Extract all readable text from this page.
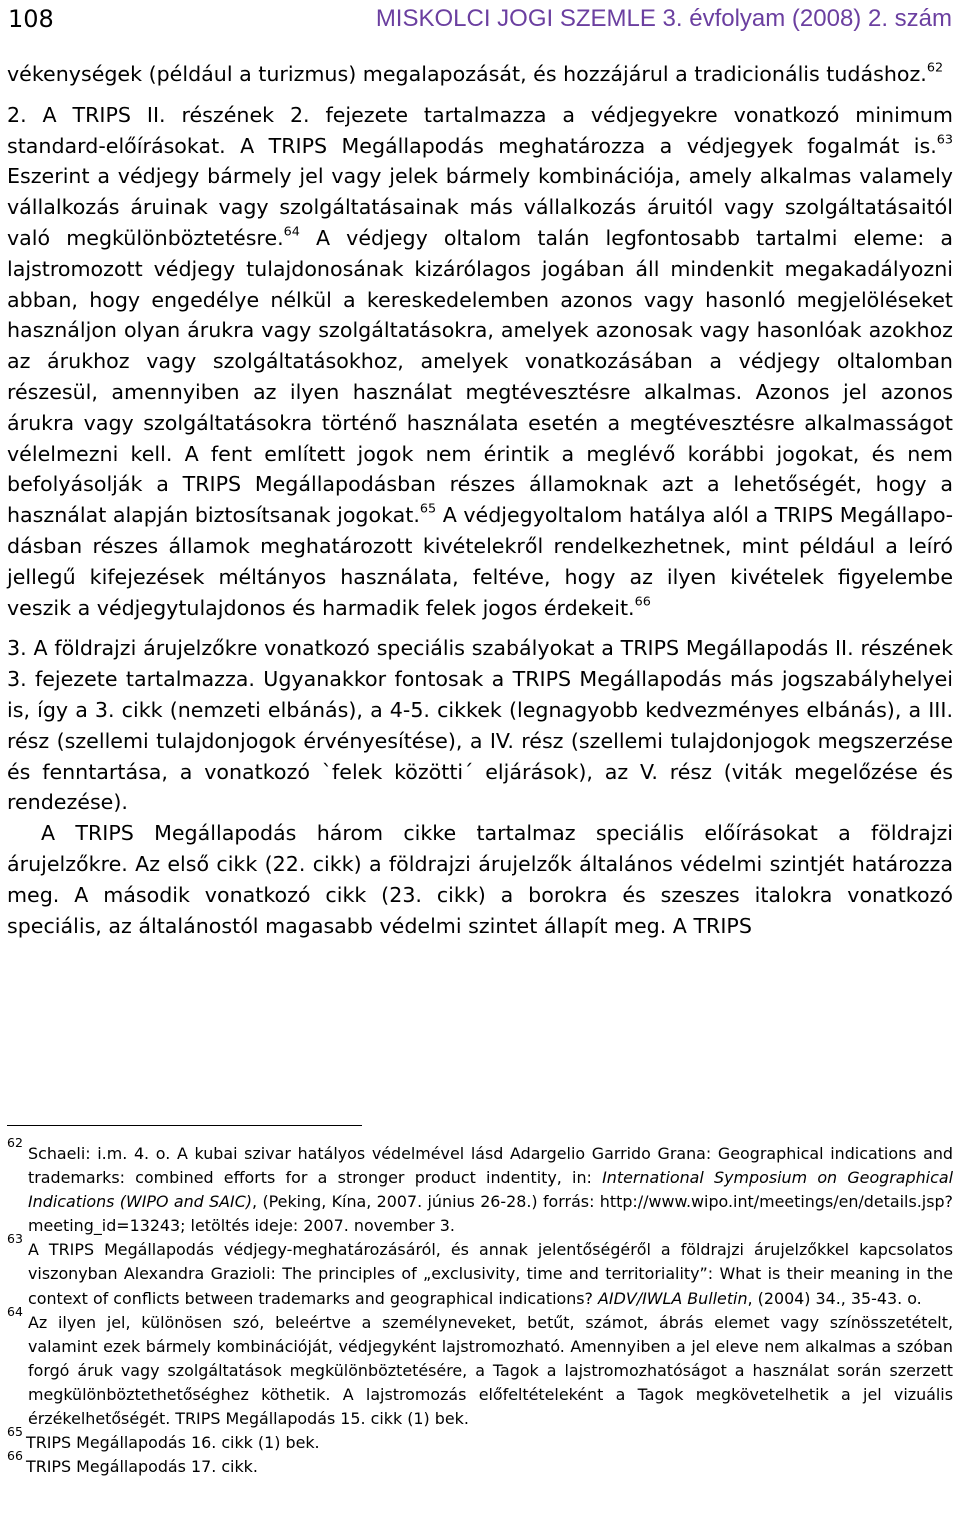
108	MISKOLCI JOGI SZEMLE 3. évfolyam (2008) 2. szám

vékenységek (például a turizmus) megalapozását, és hozzájárul a tradicionális tudáshoz.$^{62}$

2. A TRIPS II. részének 2. fejezete tartalmazza a védjegyekre vonatkozó minimum standard-előírásokat. A TRIPS Megállapodás meghatározza a védjegyek fogalmát is.$^{63}$ Eszerint a védjegy bármely jel vagy jelek bármely kombinációja, amely alkalmas valamely vállalkozás áruinak vagy szolgáltatásainak más vállalkozás áruitól vagy szolgáltatásaitól való megkülönböztetésre.$^{64}$ A védjegy oltalom talán legfontosabb tartalmi eleme: a lajstromozott védjegy tulajdonosának kizárólagos jogában áll mindenkit megakadályozni abban, hogy engedélye nélkül a kereskedelemben azonos vagy hasonló megjelöléseket használjon olyan árukra vagy szolgáltatásokra, amelyek azonosak vagy hasonlóak azokhoz az árukhoz vagy szolgáltatásokhoz, amelyek vonatkozásában a védjegy oltalomban részesül, amennyiben az ilyen használat megtévesztésre alkalmas. Azonos jel azonos árukra vagy szolgáltatásokra történő használata esetén a megtévesztésre alkalmasságot vélelmezni kell. A fent említett jogok nem érintik a meglévő korábbi jogokat, és nem befolyásolják a TRIPS Megállapodásban részes államoknak azt a lehetőségét, hogy a használat alapján biztosítsanak jogokat.$^{65}$ A védjegyoltalom hatálya alól a TRIPS Megállapodásban részes államok meghatározott kivételekről rendelkezhetnek, mint például a leíró jellegű kifejezések méltányos használata, feltéve, hogy az ilyen kivételek figyelembe veszik a védjegytulajdonos és harmadik felek jogos érdekeit.$^{66}$

3. A földrajzi árujelzőkre vonatkozó speciális szabályokat a TRIPS Megállapodás II. részének 3. fejezete tartalmazza. Ugyanakkor fontosak a TRIPS Megállapodás más jogszabályhelyei is, így a 3. cikk (nemzeti elbánás), a 4-5. cikkek (legnagyobb kedvezményes elbánás), a III. rész (szellemi tulajdonjogok érvényesítése), a IV. rész (szellemi tulajdonjogok megszerzése és fenntartása, a vonatkozó `felek közötti´ eljárások), az V. rész (viták megelőzése és rendezése).

A TRIPS Megállapodás három cikke tartalmaz speciális előírásokat a földrajzi árujelzőkre. Az első cikk (22. cikk) a földrajzi árujelzők általános védelmi szintjét határozza meg. A második vonatkozó cikk (23. cikk) a borokra és szeszes italokra vonatkozó speciális, az általánostól magasabb védelmi szintet állapít meg. A TRIPS

62
Schaeli: i.m. 4. o. A kubai szivar hatályos védelmével lásd Adargelio Garrido Grana: Geographical indications and trademarks: combined efforts for a stronger product indentity, in: International Symposium on Geographical Indications (WIPO and SAIC), (Peking, Kína, 2007. június 26-28.) forrás: http://www.wipo.int/meetings/en/details.jsp?meeting_id=13243; letöltés ideje: 2007. november 3.
63
A TRIPS Megállapodás védjegy-meghatározásáról, és annak jelentőségéről a földrajzi árujelzőkkel kapcsolatos viszonyban Alexandra Grazioli: The principles of „exclusivity, time and territoriality”: What is their meaning in the context of conflicts between trademarks and geographical indications? AIDV/IWLA Bulletin, (2004) 34., 35-43. o.
64
Az ilyen jel, különösen szó, beleértve a személyneveket, betűt, számot, ábrás elemet vagy színösszetételt, valamint ezek bármely kombinációját, védjegyként lajstromozható. Amennyiben a jel eleve nem alkalmas a szóban forgó áruk vagy szolgáltatások megkülönböztetésére, a Tagok a lajstromozhatóságot a használat során szerzett megkülönböztethetőséghez köthetik. A lajstromozás előfeltételeként a Tagok megkövetelhetik a jel vizuális érzékelhetőségét. TRIPS Megállapodás 15. cikk (1) bek.
65
TRIPS Megállapodás 16. cikk (1) bek.
66
TRIPS Megállapodás 17. cikk.
